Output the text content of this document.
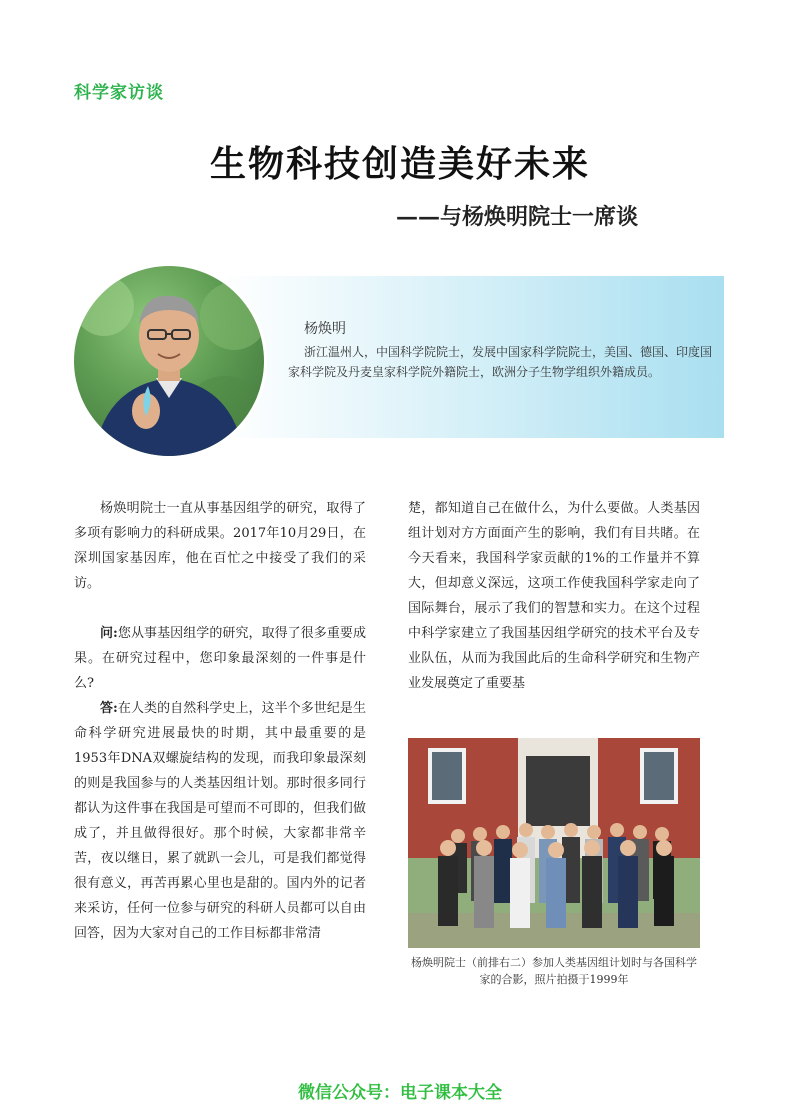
科学家访谈
生物科技创造美好未来
——与杨焕明院士一席谈
杨焕明
浙江温州人，中国科学院院士，发展中国家科学院院士，美国、德国、印度国家科学院及丹麦皇家科学院外籍院士，欧洲分子生物学组织外籍成员。

杨焕明院士一直从事基因组学的研究，取得了多项有影响力的科研成果。2017年10月29日，在深圳国家基因库，他在百忙之中接受了我们的采访。

问:您从事基因组学的研究，取得了很多重要成果。在研究过程中，您印象最深刻的一件事是什么?

答:在人类的自然科学史上，这半个多世纪是生命科学研究进展最快的时期，其中最重要的是1953年DNA双螺旋结构的发现，而我印象最深刻的则是我国参与的人类基因组计划。那时很多同行都认为这件事在我国是可望而不可即的，但我们做成了，并且做得很好。那个时候，大家都非常辛苦，夜以继日，累了就趴一会儿，可是我们都觉得很有意义，再苦再累心里也是甜的。国内外的记者来采访，任何一位参与研究的科研人员都可以自由回答，因为大家对自己的工作目标都非常清

楚，都知道自己在做什么，为什么要做。人类基因组计划对方方面面产生的影响，我们有目共睹。在今天看来，我国科学家贡献的1%的工作量并不算大，但却意义深远，这项工作使我国科学家走向了国际舞台，展示了我们的智慧和实力。在这个过程中科学家建立了我国基因组学研究的技术平台及专业队伍，从而为我国此后的生命科学研究和生物产业发展奠定了重要基

杨焕明院士（前排右二）参加人类基因组计划时与各国科学家的合影，照片拍摄于1999年
微信公众号：电子课本大全
